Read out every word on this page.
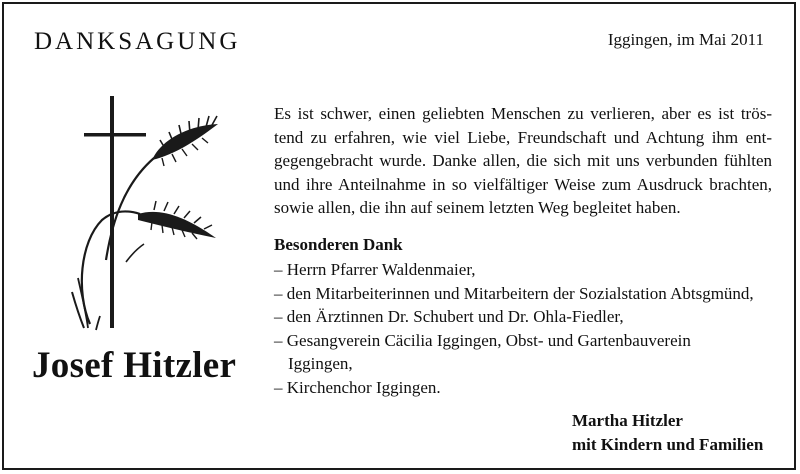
DANKSAGUNG	Iggingen, im Mai 2011
Josef Hitzler

Es ist schwer, einen geliebten Menschen zu verlieren, aber es ist trös-
tend zu erfahren, wie viel Liebe, Freundschaft und Achtung ihm ent-
gegengebracht wurde. Danke allen, die sich mit uns verbunden fühlten
und ihre Anteilnahme in so vielfältiger Weise zum Ausdruck brachten,
sowie allen, die ihn auf seinem letzten Weg begleitet haben.

Besonderen Dank
– Herrn Pfarrer Waldenmaier,
– den Mitarbeiterinnen und Mitarbeitern der Sozialstation Abtsgmünd,
– den Ärztinnen Dr. Schubert und Dr. Ohla-Fiedler,
– Gesangverein Cäcilia Iggingen, Obst- und Gartenbauverein
Iggingen,
– Kirchenchor Iggingen.
Martha Hitzler
mit Kindern und Familien
